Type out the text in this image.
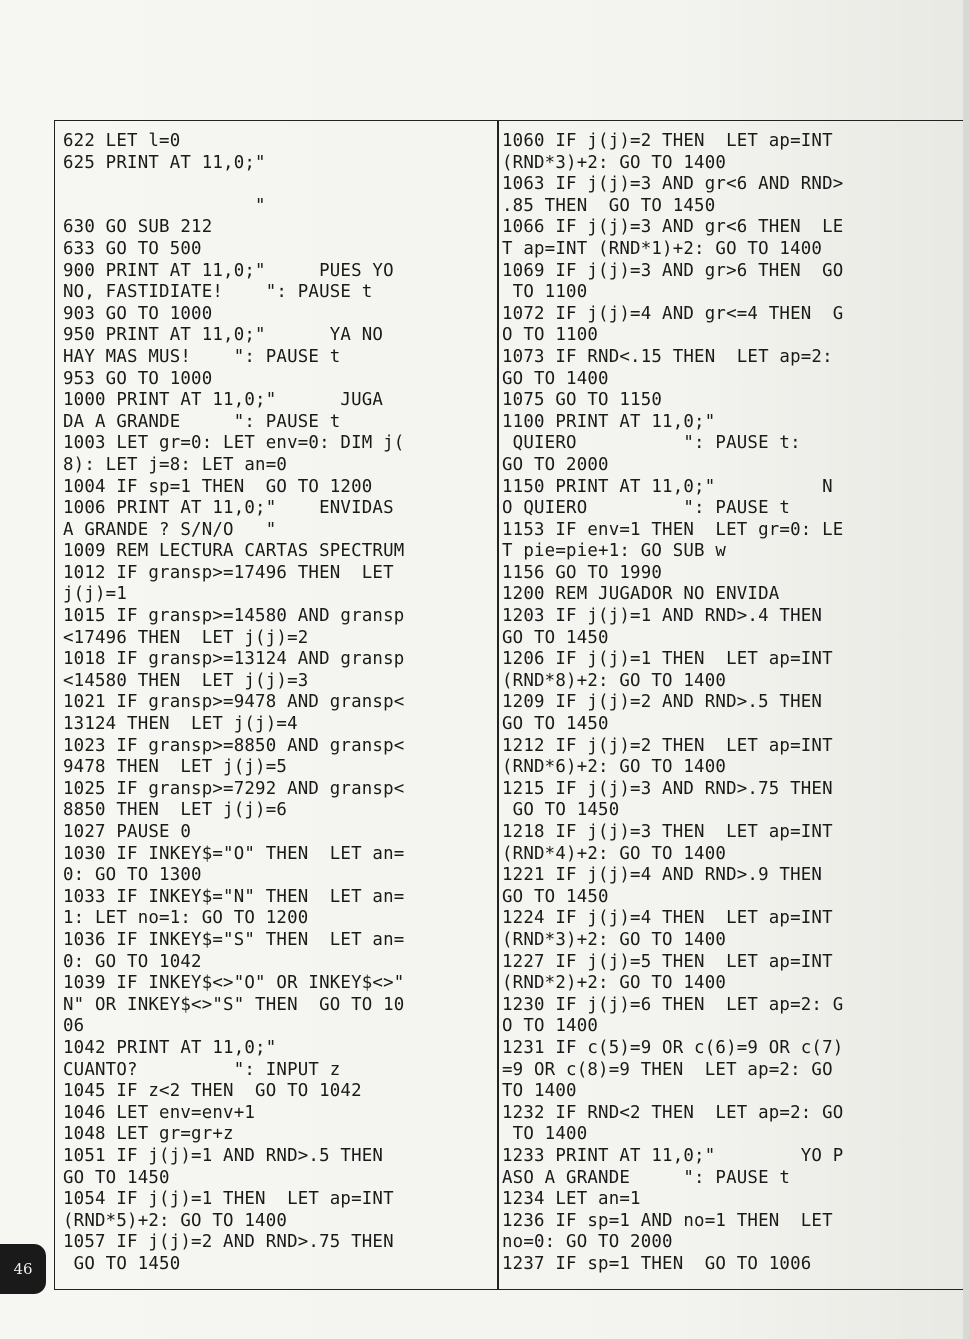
622 LET l=0
625 PRINT AT 11,0;"
"
630 GO SUB 212
633 GO TO 500
900 PRINT AT 11,0;"     PUES YO
NO, FASTIDIATE!    ": PAUSE t
903 GO TO 1000
950 PRINT AT 11,0;"      YA NO
HAY MAS MUS!    ": PAUSE t
953 GO TO 1000
1000 PRINT AT 11,0;"      JUGA
DA A GRANDE     ": PAUSE t
1003 LET gr=0: LET env=0: DIM j(
8): LET j=8: LET an=0
1004 IF sp=1 THEN  GO TO 1200
1006 PRINT AT 11,0;"    ENVIDAS
A GRANDE ? S/N/O   "
1009 REM LECTURA CARTAS SPECTRUM
1012 IF gransp>=17496 THEN  LET
j(j)=1
1015 IF gransp>=14580 AND gransp
<17496 THEN  LET j(j)=2
1018 IF gransp>=13124 AND gransp
<14580 THEN  LET j(j)=3
1021 IF gransp>=9478 AND gransp<
13124 THEN  LET j(j)=4
1023 IF gransp>=8850 AND gransp<
9478 THEN  LET j(j)=5
1025 IF gransp>=7292 AND gransp<
8850 THEN  LET j(j)=6
1027 PAUSE 0
1030 IF INKEY$="O" THEN  LET an=
0: GO TO 1300
1033 IF INKEY$="N" THEN  LET an=
1: LET no=1: GO TO 1200
1036 IF INKEY$="S" THEN  LET an=
0: GO TO 1042
1039 IF INKEY$<>"O" OR INKEY$<>"
N" OR INKEY$<>"S" THEN  GO TO 10
06
1042 PRINT AT 11,0;"
CUANTO?         ": INPUT z
1045 IF z<2 THEN  GO TO 1042
1046 LET env=env+1
1048 LET gr=gr+z
1051 IF j(j)=1 AND RND>.5 THEN
GO TO 1450
1054 IF j(j)=1 THEN  LET ap=INT
(RND*5)+2: GO TO 1400
1057 IF j(j)=2 AND RND>.75 THEN
GO TO 1450
1060 IF j(j)=2 THEN  LET ap=INT
(RND*3)+2: GO TO 1400
1063 IF j(j)=3 AND gr<6 AND RND>
.85 THEN  GO TO 1450
1066 IF j(j)=3 AND gr<6 THEN  LE
T ap=INT (RND*1)+2: GO TO 1400
1069 IF j(j)=3 AND gr>6 THEN  GO
TO 1100
1072 IF j(j)=4 AND gr<=4 THEN  G
O TO 1100
1073 IF RND<.15 THEN  LET ap=2:
GO TO 1400
1075 GO TO 1150
1100 PRINT AT 11,0;"
QUIERO          ": PAUSE t:
GO TO 2000
1150 PRINT AT 11,0;"          N
O QUIERO         ": PAUSE t
1153 IF env=1 THEN  LET gr=0: LE
T pie=pie+1: GO SUB w
1156 GO TO 1990
1200 REM JUGADOR NO ENVIDA
1203 IF j(j)=1 AND RND>.4 THEN
GO TO 1450
1206 IF j(j)=1 THEN  LET ap=INT
(RND*8)+2: GO TO 1400
1209 IF j(j)=2 AND RND>.5 THEN
GO TO 1450
1212 IF j(j)=2 THEN  LET ap=INT
(RND*6)+2: GO TO 1400
1215 IF j(j)=3 AND RND>.75 THEN
GO TO 1450
1218 IF j(j)=3 THEN  LET ap=INT
(RND*4)+2: GO TO 1400
1221 IF j(j)=4 AND RND>.9 THEN
GO TO 1450
1224 IF j(j)=4 THEN  LET ap=INT
(RND*3)+2: GO TO 1400
1227 IF j(j)=5 THEN  LET ap=INT
(RND*2)+2: GO TO 1400
1230 IF j(j)=6 THEN  LET ap=2: G
O TO 1400
1231 IF c(5)=9 OR c(6)=9 OR c(7)
=9 OR c(8)=9 THEN  LET ap=2: GO
TO 1400
1232 IF RND<2 THEN  LET ap=2: GO
TO 1400
1233 PRINT AT 11,0;"        YO P
ASO A GRANDE     ": PAUSE t
1234 LET an=1
1236 IF sp=1 AND no=1 THEN  LET
no=0: GO TO 2000
1237 IF sp=1 THEN  GO TO 1006
46
